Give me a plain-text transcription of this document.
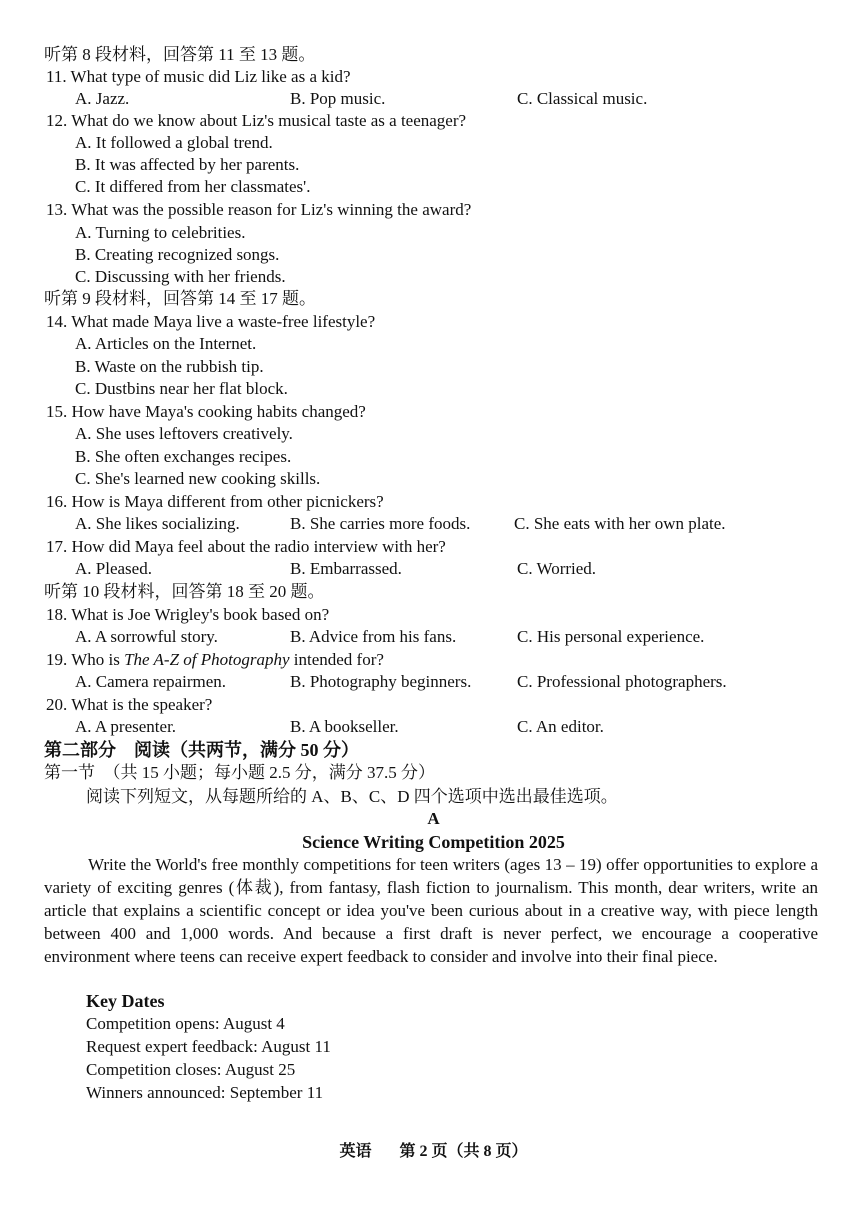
听第 8 段材料，回答第 11 至 13 题。
11. What type of music did Liz like as a kid?
A. Jazz.	B. Pop music.	C. Classical music.
12. What do we know about Liz's musical taste as a teenager?
A. It followed a global trend.
B. It was affected by her parents.
C. It differed from her classmates'.
13. What was the possible reason for Liz's winning the award?
A. Turning to celebrities.
B. Creating recognized songs.
C. Discussing with her friends.
听第 9 段材料，回答第 14 至 17 题。
14. What made Maya live a waste-free lifestyle?
A. Articles on the Internet.
B. Waste on the rubbish tip.
C. Dustbins near her flat block.
15. How have Maya's cooking habits changed?
A. She uses leftovers creatively.
B. She often exchanges recipes.
C. She's learned new cooking skills.
16. How is Maya different from other picnickers?
A. She likes socializing.	B. She carries more foods.	C. She eats with her own plate.
17. How did Maya feel about the radio interview with her?
A. Pleased.	B. Embarrassed.	C. Worried.
听第 10 段材料，回答第 18 至 20 题。
18. What is Joe Wrigley's book based on?
A. A sorrowful story.	B. Advice from his fans.	C. His personal experience.
19. Who is The A-Z of Photography intended for?
A. Camera repairmen.	B. Photography beginners.	C. Professional photographers.
20. What is the speaker?
A. A presenter.	B. A bookseller.	C. An editor.
第二部分　阅读（共两节，满分 50 分）
第一节　（共 15 小题；每小题 2.5 分，满分 37.5 分）
阅读下列短文，从每题所给的 A、B、C、D 四个选项中选出最佳选项。
A
Science Writing Competition 2025
Write the World's free monthly competitions for teen writers (ages 13 – 19) offer opportunities to explore a variety of exciting genres (体裁), from fantasy, flash fiction to journalism. This month, dear writers, write an article that explains a scientific concept or idea you've been curious about in a creative way, with piece length between 400 and 1,000 words. And because a first draft is never perfect, we encourage a cooperative environment where teens can receive expert feedback to consider and involve into their final piece.
Key Dates
Competition opens: August 4
Request expert feedback: August 11
Competition closes: August 25
Winners announced: September 11
英语 第 2 页（共 8 页）
